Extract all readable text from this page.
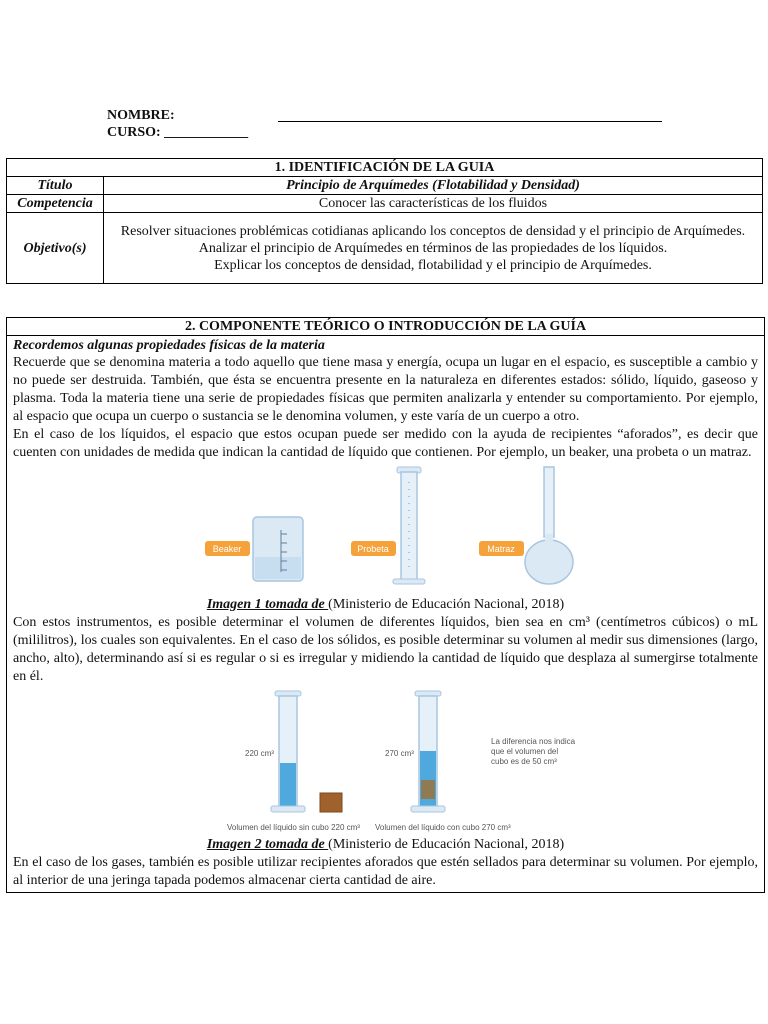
NOMBRE:
CURSO: ____________
1. IDENTIFICACIÓN DE LA GUIA	
Título	Principio de Arquímedes (Flotabilidad y Densidad)
Competencia	Conocer las características de los fluidos
Objetivo(s)	Resolver situaciones problémicas cotidianas aplicando los conceptos de densidad y el principio de Arquímedes.
Analizar el principio de Arquímedes en términos de las propiedades de los líquidos.
Explicar los conceptos de densidad, flotabilidad y el principio de Arquímedes.
2. COMPONENTE TEÓRICO O INTRODUCCIÓN DE LA GUÍA

Recordemos algunas propiedades físicas de la materia

Recuerde que se denomina materia a todo aquello que tiene masa y energía, ocupa un lugar en el espacio, es susceptible a cambio y no puede ser destruida. También, que ésta se encuentra presente en la naturaleza en diferentes estados: sólido, líquido, gaseoso y plasma. Toda la materia tiene una serie de propiedades físicas que permiten analizarla y entender su comportamiento. Por ejemplo, al espacio que ocupa un cuerpo o sustancia se le denomina volumen, y este varía de un cuerpo a otro.

En el caso de los líquidos, el espacio que estos ocupan puede ser medido con la ayuda de recipientes “aforados”, es decir que cuenten con unidades de medida que indican la cantidad de líquido que contienen. Por ejemplo, un beaker, una probeta o un matraz.

Beaker	Probeta	Matraz
Imagen 1 tomada de (Ministerio de Educación Nacional, 2018)

Con estos instrumentos, es posible determinar el volumen de diferentes líquidos, bien sea en cm³ (centímetros cúbicos) o mL (mililitros), los cuales son equivalentes. En el caso de los sólidos, es posible determinar su volumen al medir sus dimensiones (largo, ancho, alto), determinando así si es regular o si es irregular y midiendo la cantidad de líquido que desplaza al sumergirse totalmente en él.

220 cm³
Volumen del líquido sin cubo 220 cm³
270 cm³
Volumen del líquido con cubo 270 cm³
La diferencia nos indica
que el volumen del
cubo es de 50 cm³
Imagen 2 tomada de (Ministerio de Educación Nacional, 2018)

En el caso de los gases, también es posible utilizar recipientes aforados que estén sellados para determinar su volumen. Por ejemplo, al interior de una jeringa tapada podemos almacenar cierta cantidad de aire.
